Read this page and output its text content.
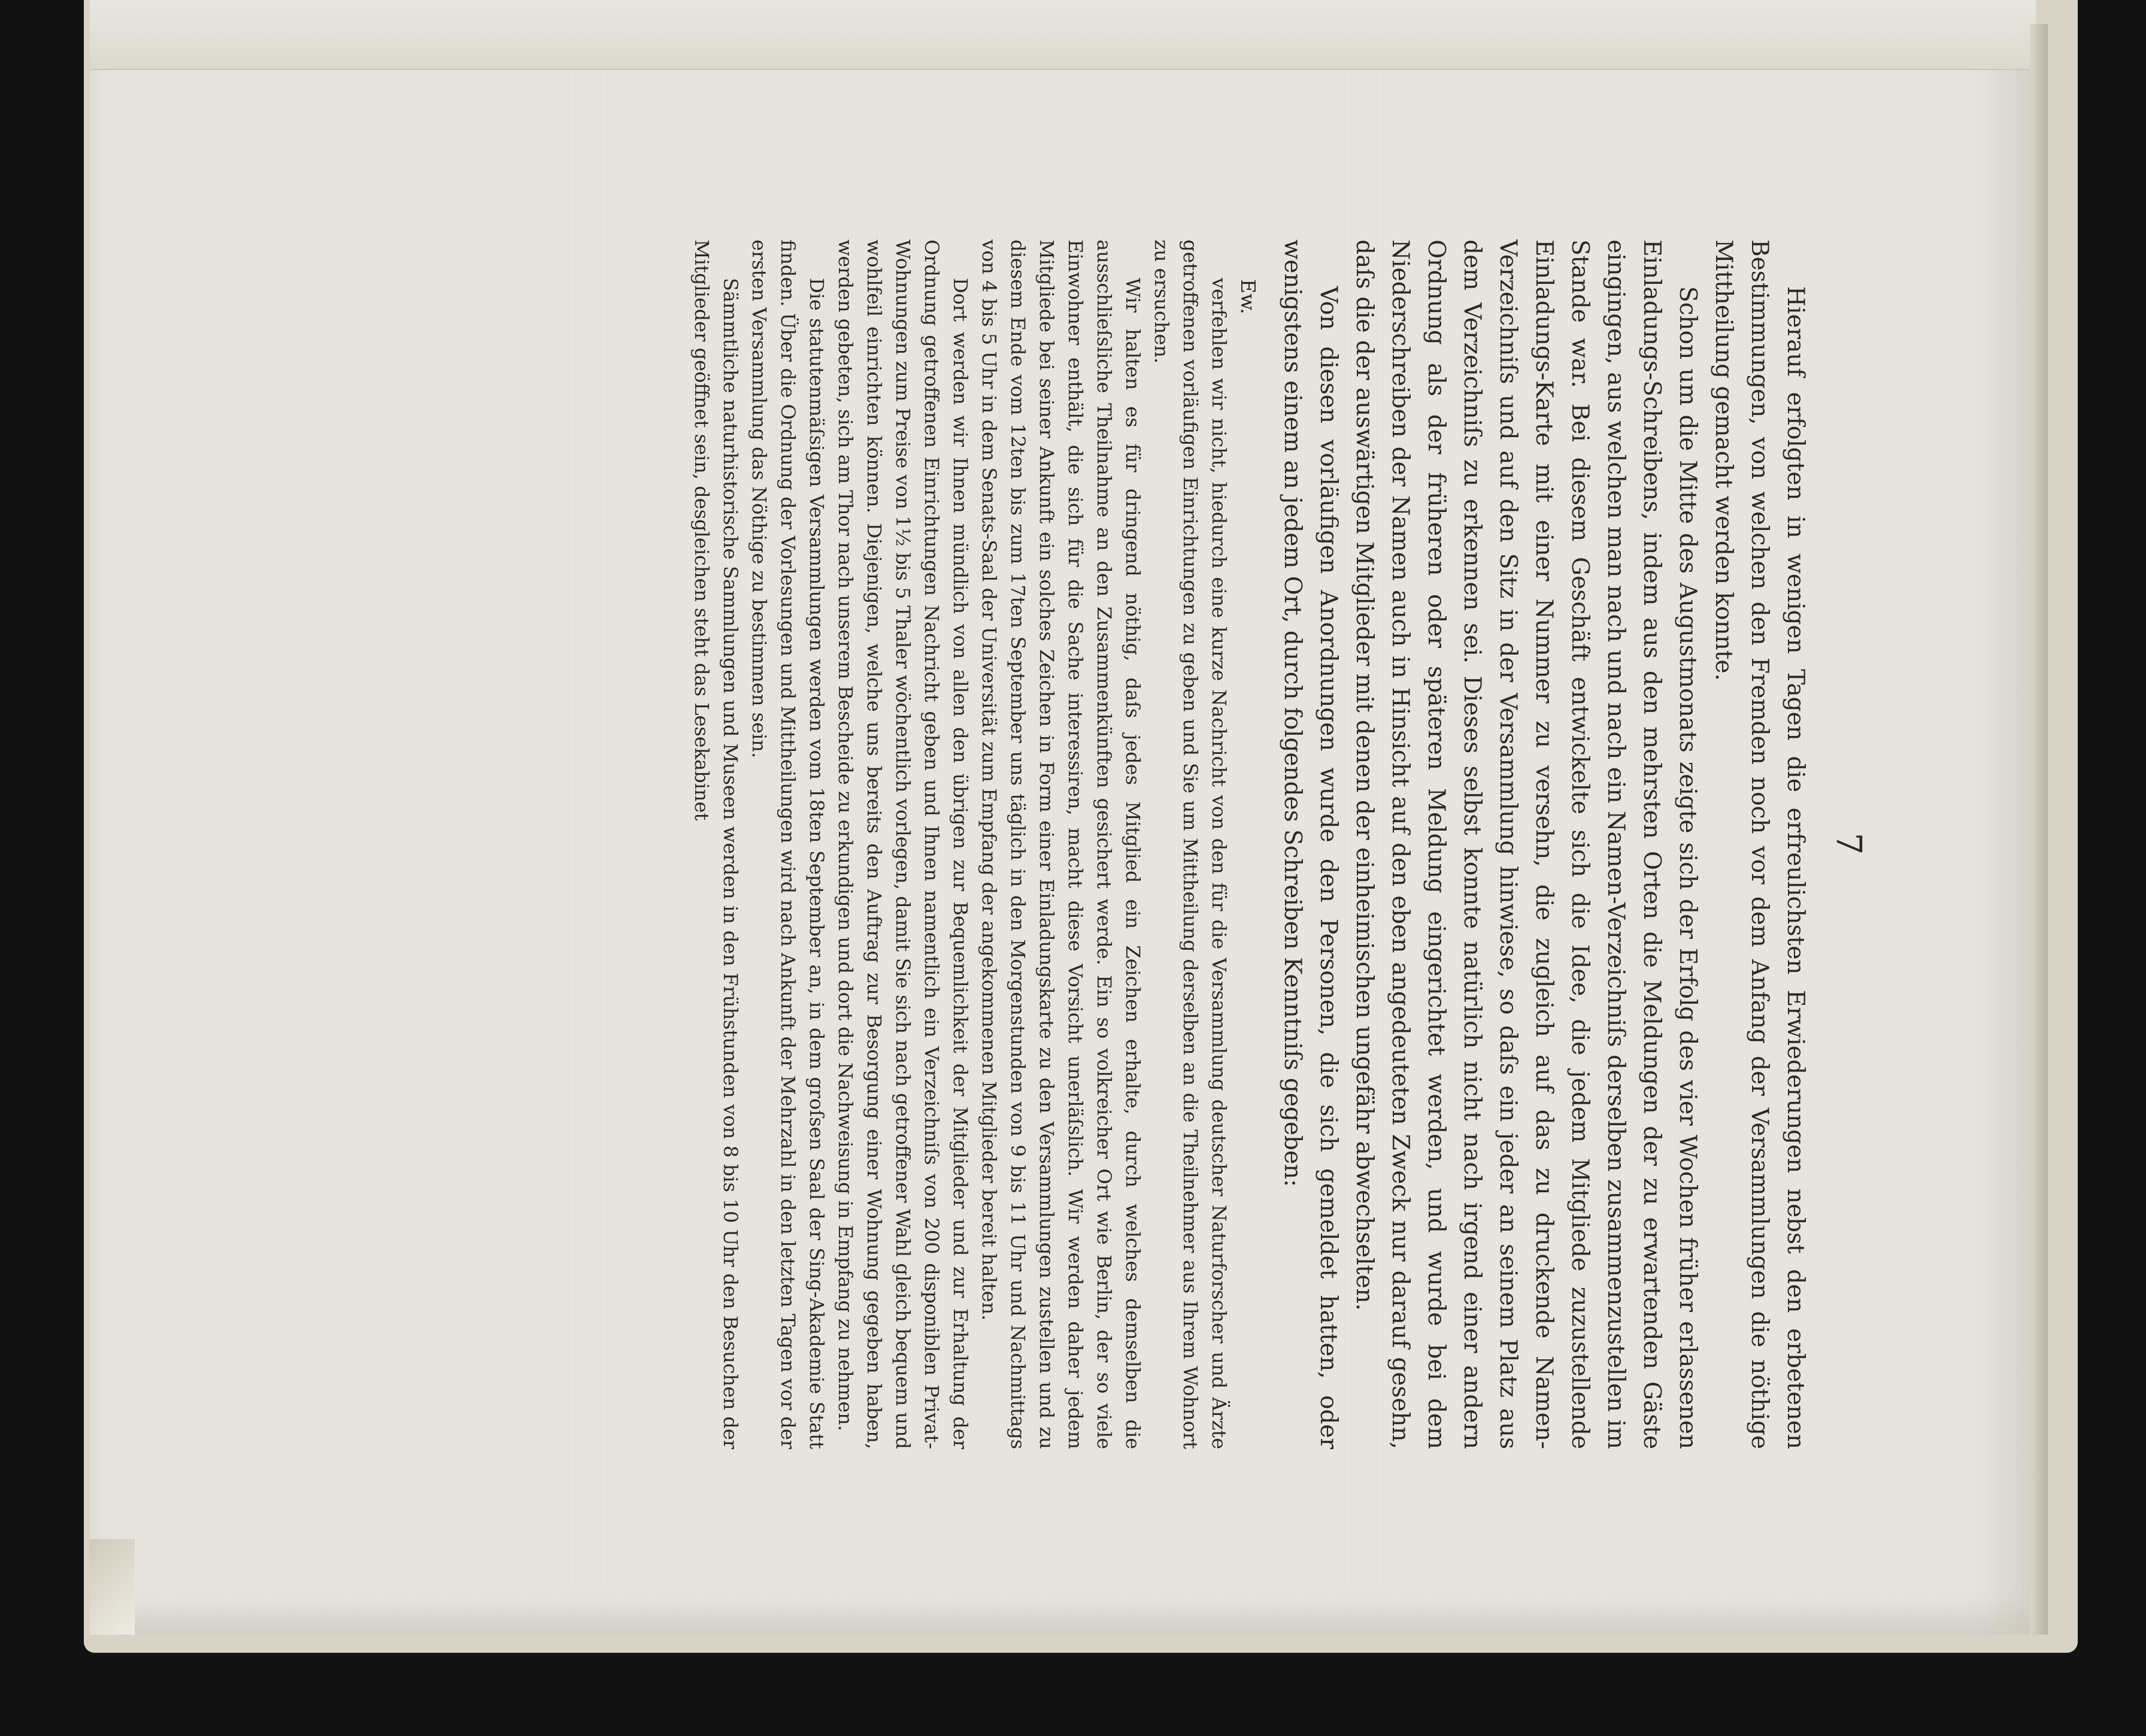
7

Hierauf erfolgten in wenigen Tagen die erfreulichsten Erwiederungen nebst den erbetenen Bestimmungen, von welchen den Fremden noch vor dem Anfang der Versammlungen die nöthige Mittheilung gemacht werden konnte.

Schon um die Mitte des Augustmonats zeigte sich der Erfolg des vier Wochen früher erlassenen Einladungs-Schreibens, indem aus den mehrsten Orten die Meldungen der zu erwartenden Gäste eingingen, aus welchen man nach und nach ein Namen-Verzeichniſs derselben zusammenzustellen im Stande war. Bei diesem Geschäft entwickelte sich die Idee, die jedem Mitgliede zuzustellende Einladungs-Karte mit einer Nummer zu versehn, die zugleich auf das zu druckende Namen-Verzeichniſs und auf den Sitz in der Versammlung hinwiese, so daſs ein jeder an seinem Platz aus dem Verzeichniſs zu erkennen sei. Dieses selbst konnte natürlich nicht nach irgend einer andern Ordnung als der früheren oder späteren Meldung eingerichtet werden, und wurde bei dem Niederschreiben der Namen auch in Hinsicht auf den eben angedeuteten Zweck nur darauf gesehn, daſs die der auswärtigen Mitglieder mit denen der einheimischen ungefähr abwechselten.

Von diesen vorläufigen Anordnungen wurde den Personen, die sich gemeldet hatten, oder wenigstens einem an jedem Ort, durch folgendes Schreiben Kenntniſs gegeben:

Ew.

verfehlen wir nicht, hiedurch eine kurze Nachricht von den für die Versammlung deutscher Naturforscher und Ärzte getroffenen vorläufigen Einrichtungen zu geben und Sie um Mittheilung derselben an die Theilnehmer aus Ihrem Wohnort zu ersuchen.

Wir halten es für dringend nöthig, daſs jedes Mitglied ein Zeichen erhalte, durch welches demselben die ausschlieſsliche Theilnahme an den Zusammenkünften gesichert werde. Ein so volkreicher Ort wie Berlin, der so viele Einwohner enthält, die sich für die Sache interessiren, macht diese Vorsicht unerläſslich. Wir werden daher jedem Mitgliede bei seiner Ankunft ein solches Zeichen in Form einer Einladungskarte zu den Versammlungen zustellen und zu diesem Ende vom 12ten bis zum 17ten September uns täglich in den Morgenstunden von 9 bis 11 Uhr und Nachmittags von 4 bis 5 Uhr in dem Senats-Saal der Universität zum Empfang der angekommenen Mitglieder bereit halten.

Dort werden wir Ihnen mündlich von allen den übrigen zur Bequemlichkeit der Mitglieder und zur Erhaltung der Ordnung getroffenen Einrichtungen Nachricht geben und Ihnen namentlich ein Verzeichniſs von 200 disponiblen Privat-Wohnungen zum Preise von 1½ bis 5 Thaler wöchentlich vorlegen, damit Sie sich nach getroffener Wahl gleich bequem und wohlfeil einrichten können. Diejenigen, welche uns bereits den Auftrag zur Besorgung einer Wohnung gegeben haben, werden gebeten, sich am Thor nach unserem Bescheide zu erkundigen und dort die Nachweisung in Empfang zu nehmen.

Die statutenmäſsigen Versammlungen werden vom 18ten September an, in dem groſsen Saal der Sing-Akademie Statt finden. Über die Ordnung der Vorlesungen und Mittheilungen wird nach Ankunft der Mehrzahl in den letzten Tagen vor der ersten Versammlung das Nöthige zu bestimmen sein.

Sämmtliche naturhistorische Sammlungen und Museen werden in den Frühstunden von 8 bis 10 Uhr den Besuchen der Mitglieder geöffnet sein, desgleichen steht das Lesekabinet
